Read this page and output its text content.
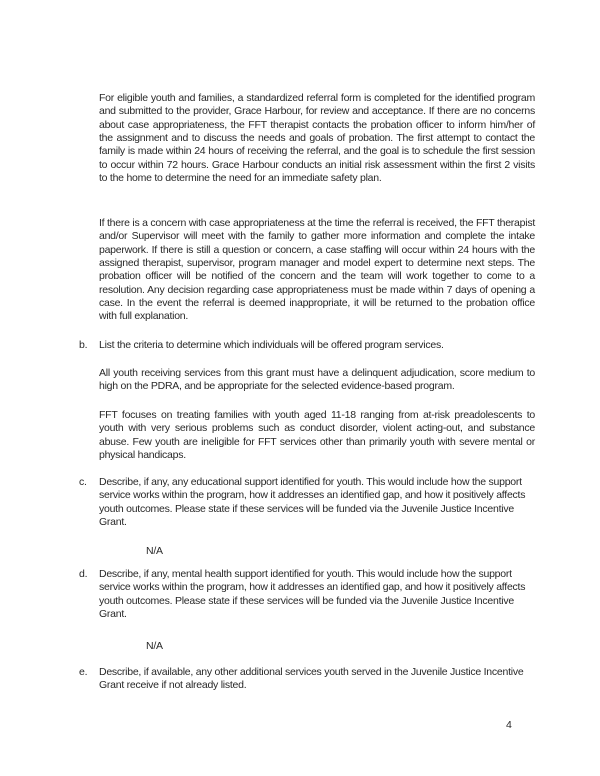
For eligible youth and families, a standardized referral form is completed for the identified program and submitted to the provider, Grace Harbour, for review and acceptance. If there are no concerns about case appropriateness, the FFT therapist contacts the probation officer to inform him/her of the assignment and to discuss the needs and goals of probation. The first attempt to contact the family is made within 24 hours of receiving the referral, and the goal is to schedule the first session to occur within 72 hours. Grace Harbour conducts an initial risk assessment within the first 2 visits to the home to determine the need for an immediate safety plan.

If there is a concern with case appropriateness at the time the referral is received, the FFT therapist and/or Supervisor will meet with the family to gather more information and complete the intake paperwork. If there is still a question or concern, a case staffing will occur within 24 hours with the assigned therapist, supervisor, program manager and model expert to determine next steps. The probation officer will be notified of the concern and the team will work together to come to a resolution. Any decision regarding case appropriateness must be made within 7 days of opening a case. In the event the referral is deemed inappropriate, it will be returned to the probation office with full explanation.

b. List the criteria to determine which individuals will be offered program services.

All youth receiving services from this grant must have a delinquent adjudication, score medium to high on the PDRA, and be appropriate for the selected evidence-based program.

FFT focuses on treating families with youth aged 11-18 ranging from at-risk preadolescents to youth with very serious problems such as conduct disorder, violent acting-out, and substance abuse. Few youth are ineligible for FFT services other than primarily youth with severe mental or physical handicaps.

c. Describe, if any, any educational support identified for youth. This would include how the support service works within the program, how it addresses an identified gap, and how it positively affects youth outcomes. Please state if these services will be funded via the Juvenile Justice Incentive Grant.

N/A

d. Describe, if any, mental health support identified for youth. This would include how the support service works within the program, how it addresses an identified gap, and how it positively affects youth outcomes. Please state if these services will be funded via the Juvenile Justice Incentive Grant.

N/A

e. Describe, if available, any other additional services youth served in the Juvenile Justice Incentive Grant receive if not already listed.
4
